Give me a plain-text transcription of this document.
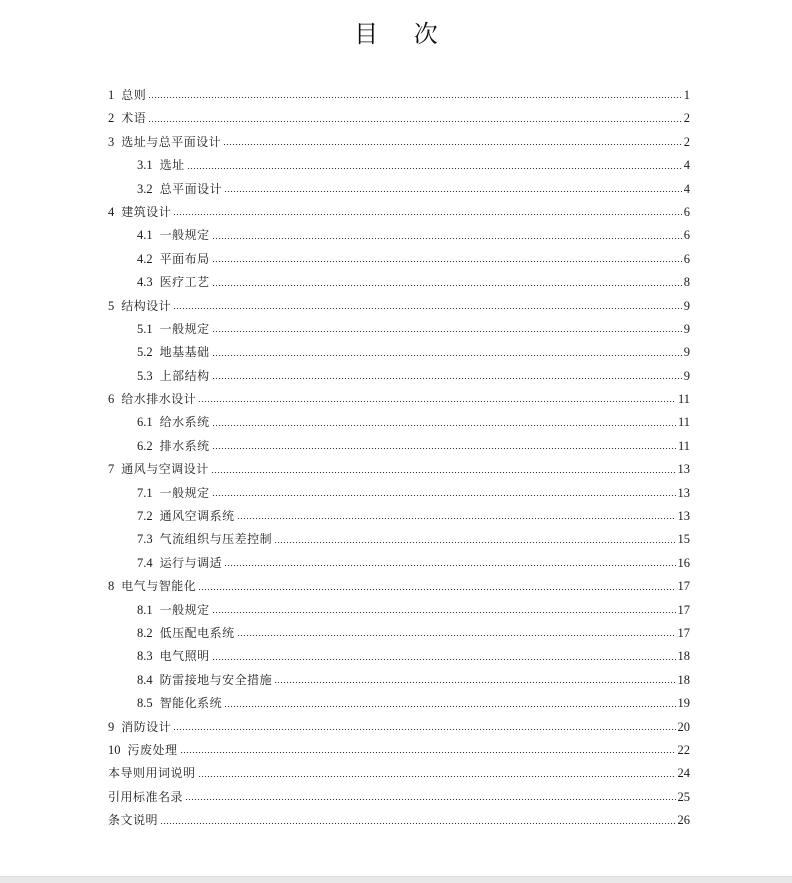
目 次
1 总则	1
2 术语	2
3 选址与总平面设计	2
3.1 选址	4
3.2 总平面设计	4
4 建筑设计	6
4.1 一般规定	6
4.2 平面布局	6
4.3 医疗工艺	8
5 结构设计	9
5.1 一般规定	9
5.2 地基基础	9
5.3 上部结构	9
6 给水排水设计	11
6.1 给水系统	11
6.2 排水系统	11
7 通风与空调设计	13
7.1 一般规定	13
7.2 通风空调系统	13
7.3 气流组织与压差控制	15
7.4 运行与调适	16
8 电气与智能化	17
8.1 一般规定	17
8.2 低压配电系统	17
8.3 电气照明	18
8.4 防雷接地与安全措施	18
8.5 智能化系统	19
9 消防设计	20
10 污废处理	22
本导则用词说明	24
引用标准名录	25
条文说明	26
